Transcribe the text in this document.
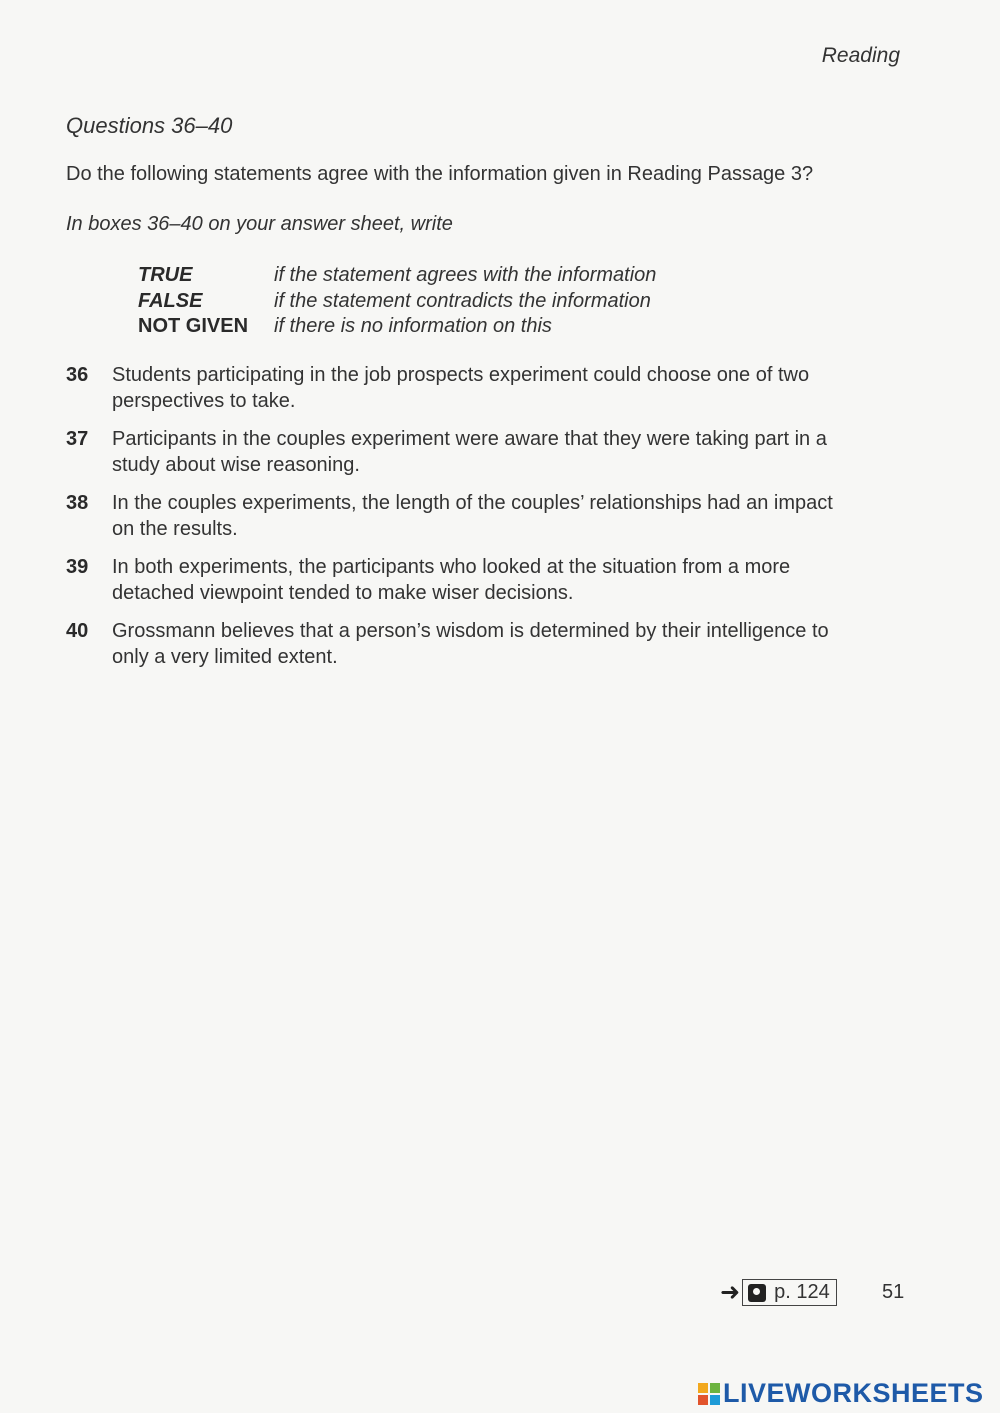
Reading
Questions 36–40
Do the following statements agree with the information given in Reading Passage 3?
In boxes 36–40 on your answer sheet, write
TRUE	if the statement agrees with the information
FALSE	if the statement contradicts the information
NOT GIVEN	if there is no information on this
36	Students participating in the job prospects experiment could choose one of two
perspectives to take.
37	Participants in the couples experiment were aware that they were taking part in a
study about wise reasoning.
38	In the couples experiments, the length of the couples’ relationships had an impact
on the results.
39	In both experiments, the participants who looked at the situation from a more
detached viewpoint tended to make wiser decisions.
40	Grossmann believes that a person’s wisdom is determined by their intelligence to
only a very limited extent.
➜ p. 124	51
LIVEWORKSHEETS
